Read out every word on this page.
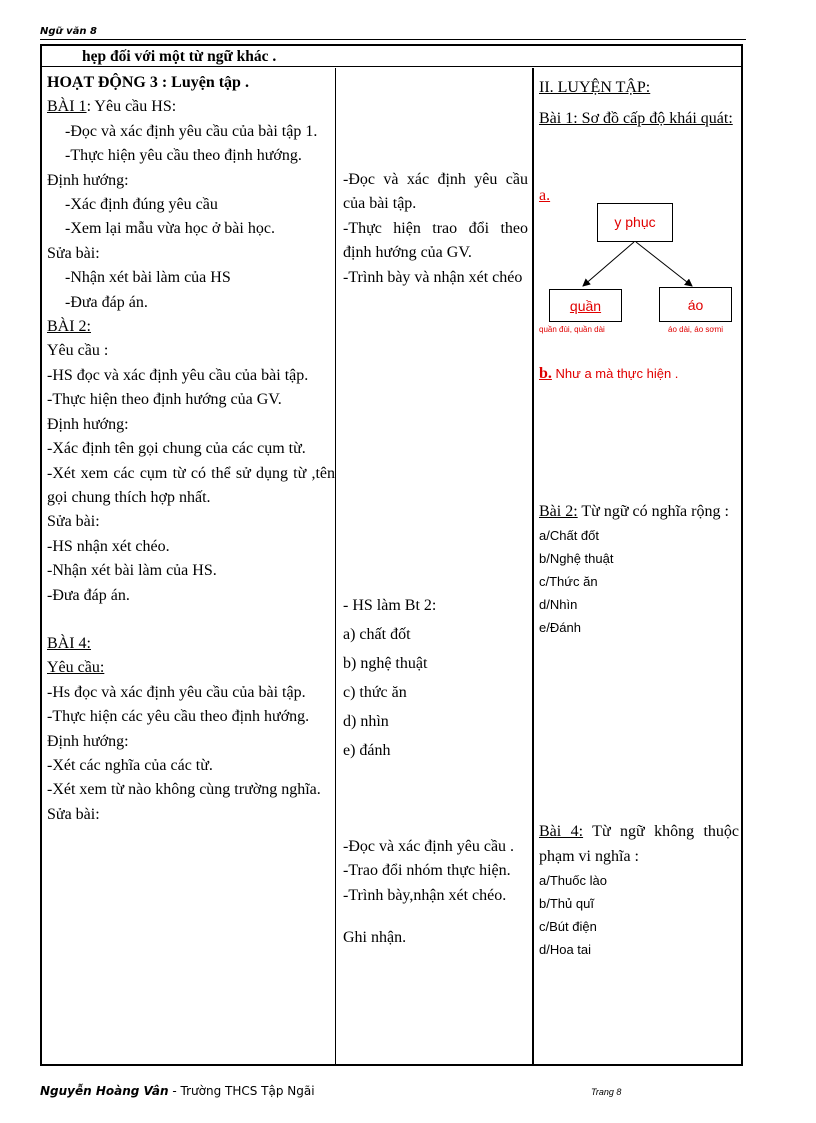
Ngữ văn 8
hẹp đối với một từ ngữ khác .

HOẠT ĐỘNG 3 : Luyện tập .

BÀI 1: Yêu cầu HS:

-Đọc và xác định yêu cầu của bài tập 1.

-Thực hiện yêu cầu theo định hướng.

Định hướng:

-Xác định đúng yêu cầu

-Xem lại mẫu vừa học ở bài học.

Sửa bài:

-Nhận xét bài làm của HS

-Đưa đáp án.

BÀI 2:

Yêu cầu :

-HS đọc và xác định yêu cầu của bài tập.

-Thực hiện theo định hướng của GV.

Định hướng:

-Xác định tên gọi chung của các cụm từ.

-Xét xem các cụm từ có thể sử dụng từ ,tên gọi chung thích hợp nhất.

Sửa bài:

-HS nhận xét chéo.

-Nhận xét bài làm của HS.

-Đưa đáp án.

BÀI 4:

Yêu cầu:

-Hs đọc và xác định yêu cầu của bài tập.

-Thực hiện các yêu cầu theo định hướng.

Định hướng:

-Xét các nghĩa của các từ.

-Xét xem từ nào không cùng trường nghĩa.

Sửa bài:

-Đọc và xác định yêu cầu của bài tập.

-Thực hiện trao đổi theo định hướng của GV.

-Trình bày và nhận xét chéo

- HS làm Bt 2:

a) chất đốt

b) nghệ thuật

c) thức ăn

d) nhìn

e) đánh

-Đọc và xác định yêu cầu .

-Trao đổi nhóm thực hiện.

-Trình bày,nhận xét chéo.

Ghi nhận.

II. LUYỆN TẬP:
Bài 1: Sơ đồ cấp độ khái quát:
a.
y phục
quần	áo
quần đùi, quần dài	áo dài, áo sơmi
b. Như a mà thực hiện .
Bài 2: Từ ngữ có nghĩa rộng :
a/Chất đốt
b/Nghệ thuật
c/Thức ăn
d/Nhìn
e/Đánh
Bài 4: Từ ngữ không thuộc phạm vi nghĩa :
a/Thuốc lào
b/Thủ quĩ
c/Bút điện
d/Hoa tai
Nguyễn Hoàng Vân - Trường THCS Tập Ngãi	Trang 8
